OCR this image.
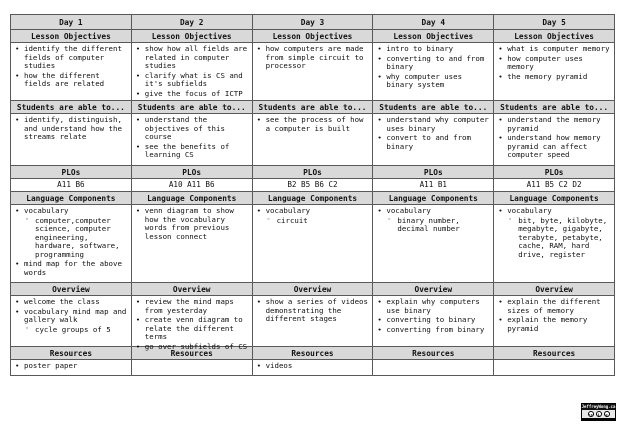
Day 1
Lesson Objectives
• identify the different fields of computer studies
• how the different fields are related
Students are able to...
• identify, distinguish, and understand how the streams relate
PLOs
A11 B6
Language Components
• vocabulary
◦ computer,computer science, computer engineering, hardware, software, programming
• mind map for the above words
Overview
• welcome the class
• vocabulary mind map and gallery walk
◦ cycle groups of 5
Resources
• poster paper
Day 2
Lesson Objectives
• show how all fields are related in computer studies
• clarify what is CS and it's subfields
• give the focus of ICTP
Students are able to...
• understand the objectives of this course
• see the benefits of learning CS
PLOs
A10 A11 B6
Language Components
• venn diagram to show how the vocabulary words from previous lesson connect
Overview
• review the mind maps from yesterday
• create venn diagram to relate the different terms
• go over subfields of CS
Resources
Day 3
Lesson Objectives
• how computers are made from simple circuit to processor
Students are able to...
• see the process of how a computer is built
PLOs
B2 B5 B6 C2
Language Components
• vocabulary
◦ circuit
Overview
• show a series of videos demonstrating the different stages
Resources
• videos
Day 4
Lesson Objectives
• intro to binary
• converting to and from binary
• why computer uses binary system
Students are able to...
• understand why computer uses binary
• convert to and from binary
PLOs
A11 B1
Language Components
• vocabulary
◦ binary number, decimal number
Overview
• explain why computers use binary
• converting to binary
• converting from binary
Resources
Day 5
Lesson Objectives
• what is computer memory
• how computer uses memory
• the memory pyramid
Students are able to...
• understand the memory pyramid
• understand how memory pyramid can affect computer speed
PLOs
A11 B5 C2 D2
Language Components
• vocabulary
◦ bit, byte, kilobyte, megabyte, gigabyte, terabyte, petabyte, cache, RAM, hard drive, register
Overview
• explain the different sizes of memory
• explain the memory pyramid
Resources
JeffreyWong.ca
cc	i	=
